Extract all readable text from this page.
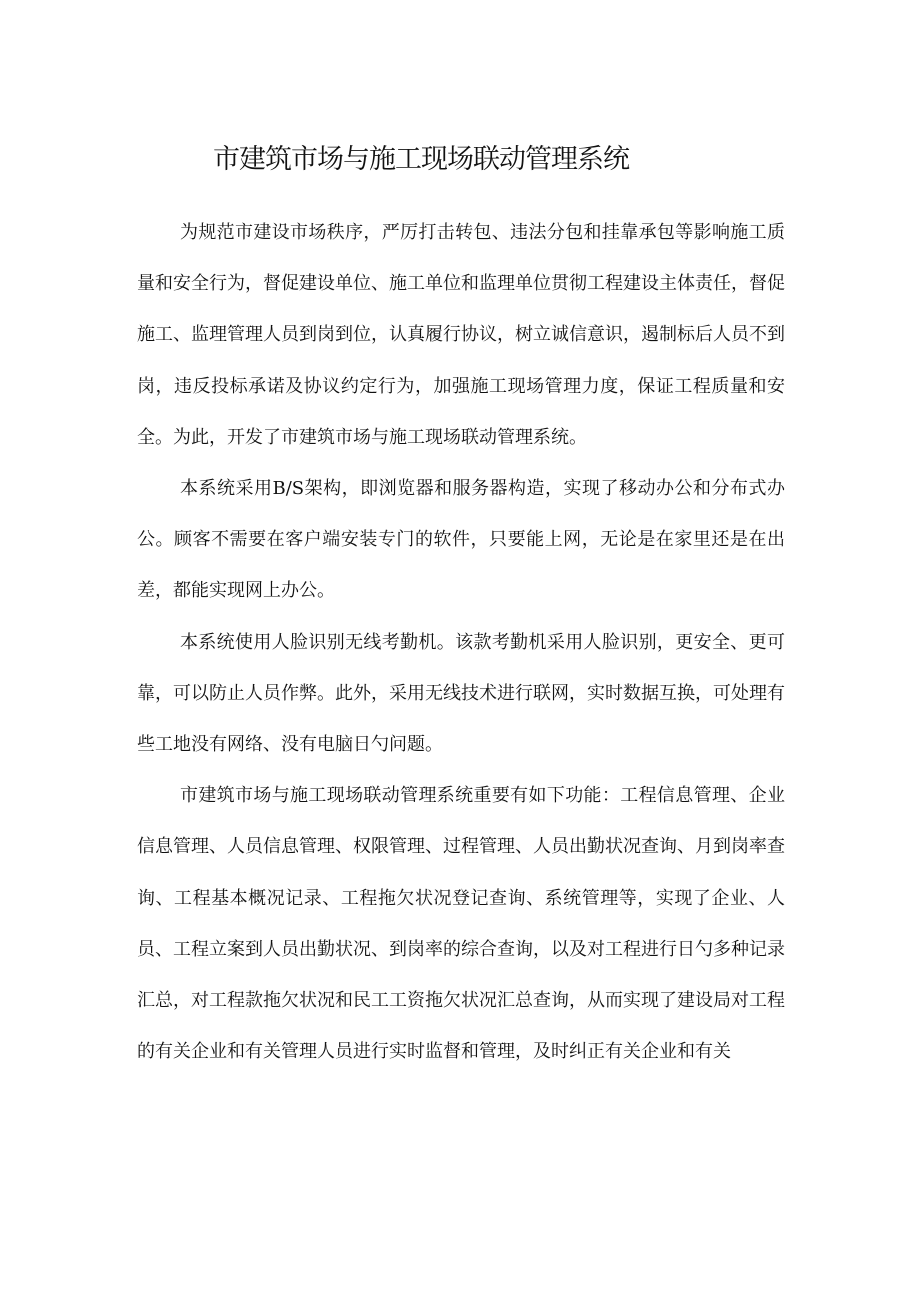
市建筑市场与施工现场联动管理系统

为规范市建设市场秩序，严厉打击转包、违法分包和挂靠承包等影响施工质量和安全行为，督促建设单位、施工单位和监理单位贯彻工程建设主体责任，督促施工、监理管理人员到岗到位，认真履行协议，树立诚信意识，遏制标后人员不到岗，违反投标承诺及协议约定行为，加强施工现场管理力度，保证工程质量和安全。为此，开发了市建筑市场与施工现场联动管理系统。

本系统采用B/S架构，即浏览器和服务器构造，实现了移动办公和分布式办公。顾客不需要在客户端安装专门的软件，只要能上网，无论是在家里还是在出差，都能实现网上办公。

本系统使用人脸识别无线考勤机。该款考勤机采用人脸识别，更安全、更可靠，可以防止人员作弊。此外，采用无线技术进行联网，实时数据互换，可处理有些工地没有网络、没有电脑日勺问题。

市建筑市场与施工现场联动管理系统重要有如下功能：工程信息管理、企业信息管理、人员信息管理、权限管理、过程管理、人员出勤状况查询、月到岗率查询、工程基本概况记录、工程拖欠状况登记查询、系统管理等，实现了企业、人员、工程立案到人员出勤状况、到岗率的综合查询，以及对工程进行日勺多种记录汇总，对工程款拖欠状况和民工工资拖欠状况汇总查询，从而实现了建设局对工程的有关企业和有关管理人员进行实时监督和管理，及时纠正有关企业和有关
